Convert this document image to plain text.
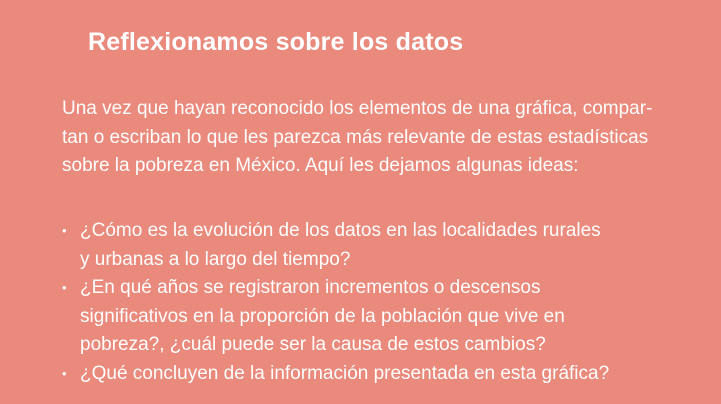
Reflexionamos sobre los datos
Una vez que hayan reconocido los elementos de una gráfica, compar-
tan o escriban lo que les parezca más relevante de estas estadísticas
sobre la pobreza en México. Aquí les dejamos algunas ideas:
• ¿Cómo es la evolución de los datos en las localidades rurales
y urbanas a lo largo del tiempo?
• ¿En qué años se registraron incrementos o descensos
significativos en la proporción de la población que vive en
pobreza?, ¿cuál puede ser la causa de estos cambios?
• ¿Qué concluyen de la información presentada en esta gráfica?
